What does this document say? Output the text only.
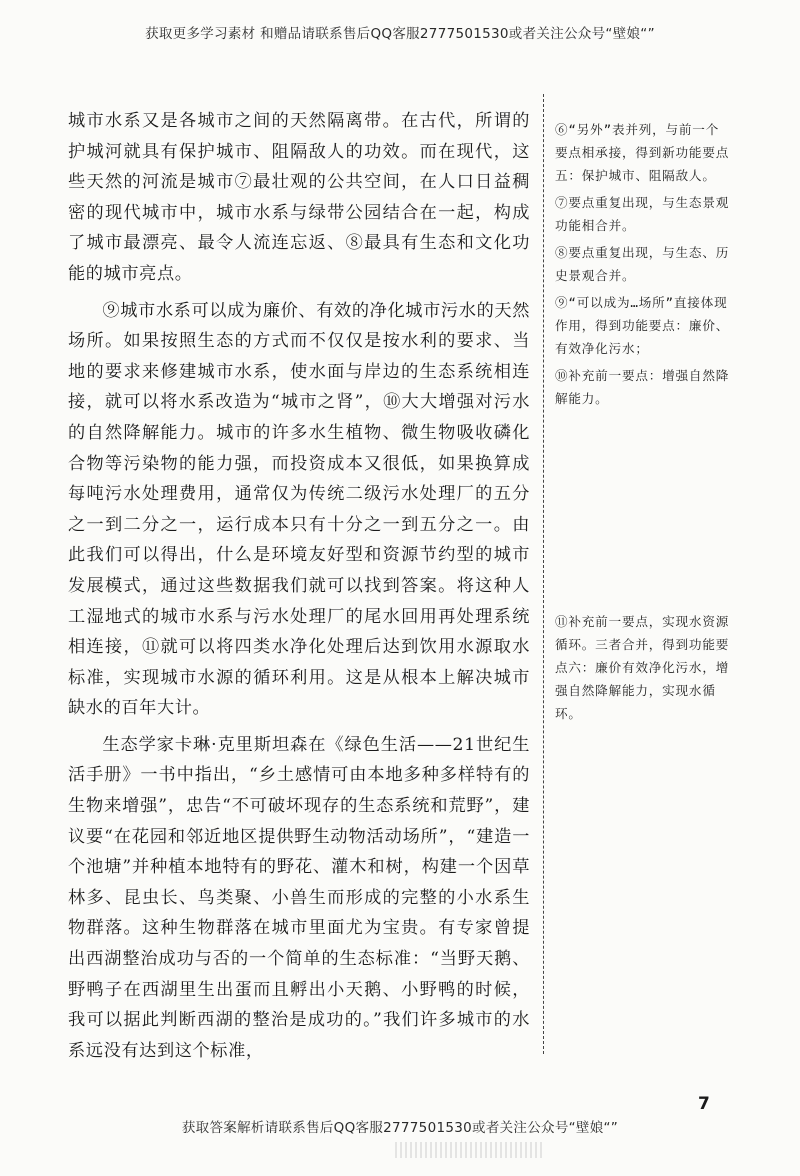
获取更多学习素材 和赠品请联系售后QQ客服2777501530或者关注公众号“壁娘“”

城市水系又是各城市之间的天然隔离带。在古代，所谓的护城河就具有保护城市、阻隔敌人的功效。而在现代，这些天然的河流是城市⑦最壮观的公共空间，在人口日益稠密的现代城市中，城市水系与绿带公园结合在一起，构成了城市最漂亮、最令人流连忘返、⑧最具有生态和文化功能的城市亮点。

⑨城市水系可以成为廉价、有效的净化城市污水的天然场所。如果按照生态的方式而不仅仅是按水利的要求、当地的要求来修建城市水系，使水面与岸边的生态系统相连接，就可以将水系改造为“城市之肾”，⑩大大增强对污水的自然降解能力。城市的许多水生植物、微生物吸收磷化合物等污染物的能力强，而投资成本又很低，如果换算成每吨污水处理费用，通常仅为传统二级污水处理厂的五分之一到二分之一，运行成本只有十分之一到五分之一。由此我们可以得出，什么是环境友好型和资源节约型的城市发展模式，通过这些数据我们就可以找到答案。将这种人工湿地式的城市水系与污水处理厂的尾水回用再处理系统相连接，⑪就可以将四类水净化处理后达到饮用水源取水标准，实现城市水源的循环利用。这是从根本上解决城市缺水的百年大计。

生态学家卡琳·克里斯坦森在《绿色生活——21世纪生活手册》一书中指出，“乡土感情可由本地多种多样特有的生物来增强”，忠告“不可破坏现存的生态系统和荒野”，建议要“在花园和邻近地区提供野生动物活动场所”，“建造一个池塘”并种植本地特有的野花、灌木和树，构建一个因草林多、昆虫长、鸟类聚、小兽生而形成的完整的小水系生物群落。这种生物群落在城市里面尤为宝贵。有专家曾提出西湖整治成功与否的一个简单的生态标准：“当野天鹅、野鸭子在西湖里生出蛋而且孵出小天鹅、小野鸭的时候，我可以据此判断西湖的整治是成功的。”我们许多城市的水系远没有达到这个标准，

⑥“另外”表并列，与前一个要点相承接，得到新功能要点五：保护城市、阻隔敌人。

⑦要点重复出现，与生态景观功能相合并。

⑧要点重复出现，与生态、历史景观合并。

⑨“可以成为…场所”直接体现作用，得到功能要点：廉价、有效净化污水；

⑩补充前一要点：增强自然降解能力。

⑪补充前一要点，实现水资源循环。三者合并，得到功能要点六：廉价有效净化污水，增强自然降解能力，实现水循环。

7
获取答案解析请联系售后QQ客服2777501530或者关注公众号“壁娘“”
